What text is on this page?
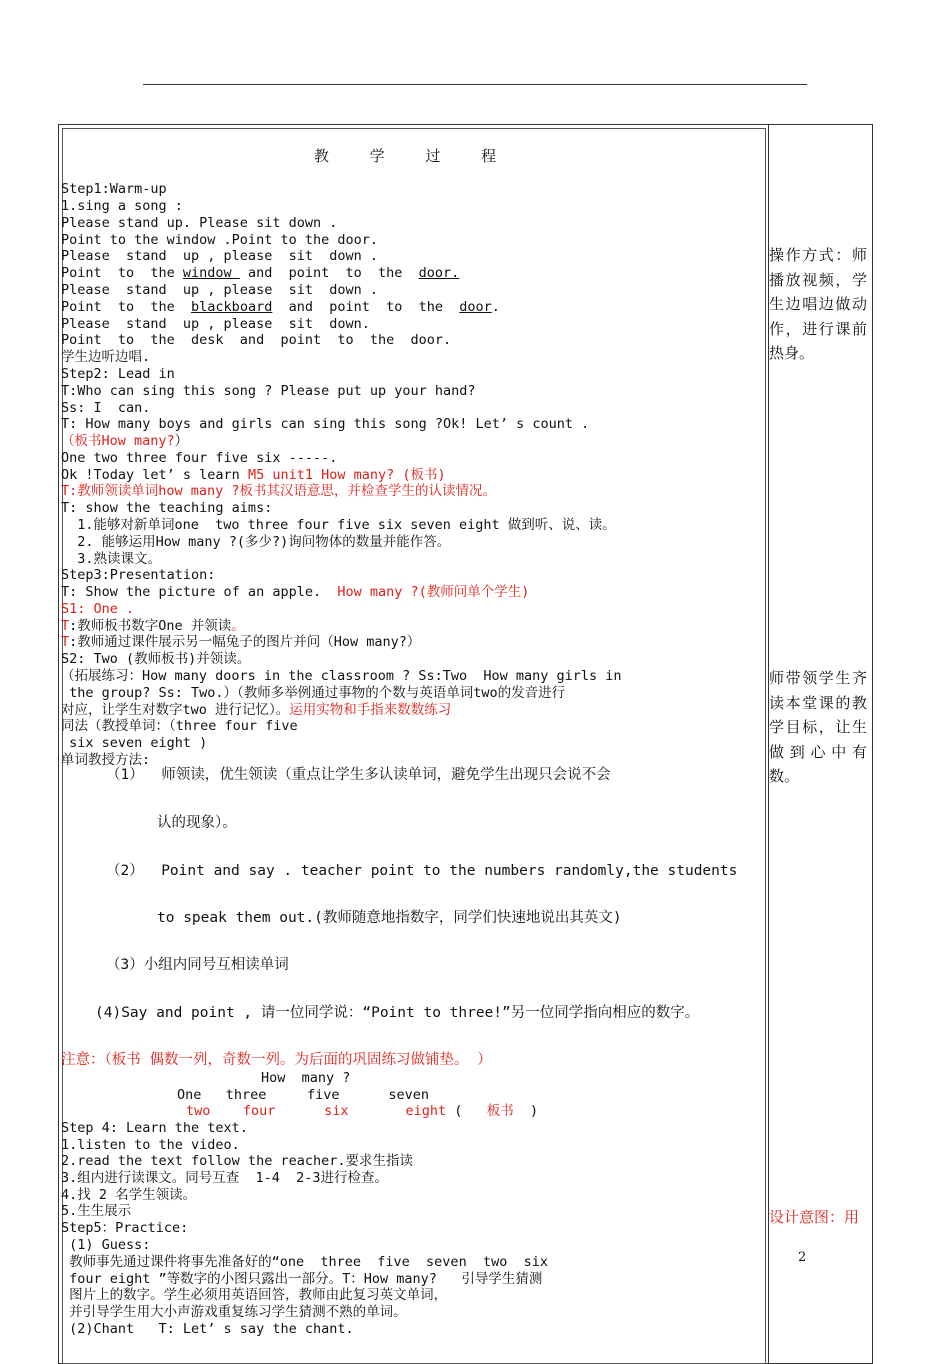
教 学 过 程
Step1:Warm-up
1.sing a song :
Please stand up. Please sit down .
Point to the window .Point to the door.
Please  stand  up , please  sit  down .
Point  to  the window  and  point  to  the  door.
Please  stand  up , please  sit  down .
Point  to  the  blackboard  and  point  to  the  door.
Please  stand  up , please  sit  down.
Point  to  the  desk  and  point  to  the  door.
学生边听边唱.
Step2: Lead in
T:Who can sing this song ? Please put up your hand?
Ss: I  can.
T: How many boys and girls can sing this song ?Ok! Let’ s count .
（板书How many?）
One two three four five six -----.
Ok !Today let’ s learn M5 unit1 How many? (板书)
T:教师领读单词how many ?板书其汉语意思，并检查学生的认读情况。
T: show the teaching aims:
1.能够对新单词one  two three four five six seven eight 做到听、说、读。
2. 能够运用How many ?(多少?)询问物体的数量并能作答。
3.熟读课文。
Step3:Presentation:
T: Show the picture of an apple.  How many ?(教师问单个学生)
S1: One .
T:教师板书数字One 并领读。
T:教师通过课件展示另一幅兔子的图片并问（How many?）
S2: Two (教师板书)并领读。
（拓展练习：How many doors in the classroom ? Ss:Two  How many girls in
the group? Ss: Two.）（教师多举例通过事物的个数与英语单词two的发音进行
对应，让学生对数字two 进行记忆）。运用实物和手指来数数练习
同法（教授单词：（three four five
six seven eight )
单词教授方法:
（1）  师领读，优生领读（重点让学生多认读单词，避免学生出现只会说不会
认的现象）。
（2）  Point and say . teacher point to the numbers randomly,the students
to speak them out.(教师随意地指数字，同学们快速地说出其英文)
（3）小组内同号互相读单词
(4)Say and point , 请一位同学说：“Point to three!”另一位同学指向相应的数字。
注意：（板书 偶数一列，奇数一列。为后面的巩固练习做铺垫。 ）
How  many ?
One   three     five      seven
two    four      six       eight (   板书  )
Step 4: Learn the text.
1.listen to the video.
2.read the text follow the reacher.要求生指读
3.组内进行读课文。同号互查  1-4  2-3进行检查。
4.找 2 名学生领读。
5.生生展示
Step5：Practice:
(1) Guess:
教师事先通过课件将事先准备好的“one  three  five  seven  two  six
four eight ”等数字的小图只露出一部分。T：How many?   引导学生猜测
图片上的数字。学生必须用英语回答，教师由此复习英文单词，
并引导学生用大小声游戏重复练习学生猜测不熟的单词。
(2)Chant   T: Let’ s say the chant.
操作方式：师播放视频，学生边唱边做动作，进行课前热身。
师带领学生齐读本堂课的教学目标，让生做到心中有数。
设计意图：用
2
